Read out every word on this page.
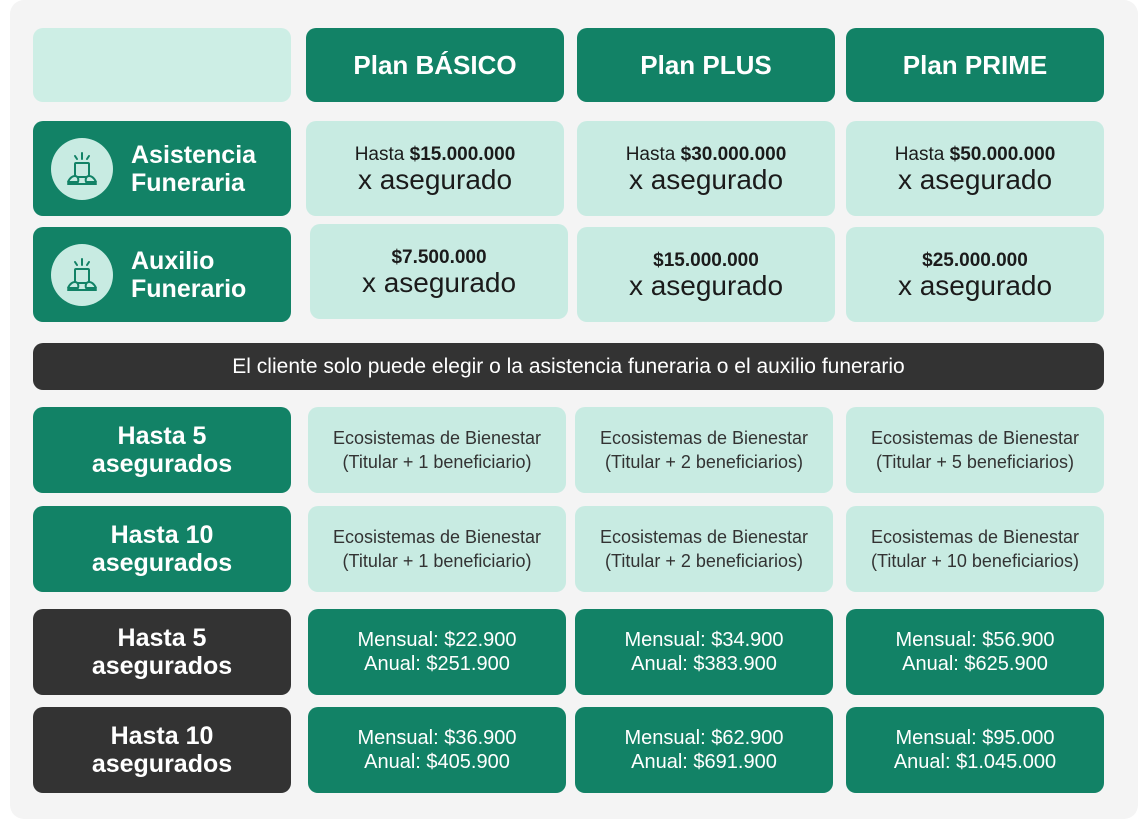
Plan BÁSICO	Plan PLUS	Plan PRIME
Asistencia
Funeraria
Hasta $15.000.000
x asegurado
Hasta $30.000.000
x asegurado
Hasta $50.000.000
x asegurado
Auxilio
Funerario
$7.500.000
x asegurado
$15.000.000
x asegurado
$25.000.000
x asegurado
El cliente solo puede elegir o la asistencia funeraria o el auxilio funerario
Hasta 5
asegurados
Ecosistemas de Bienestar
(Titular + 1 beneficiario)
Ecosistemas de Bienestar
(Titular + 2 beneficiarios)
Ecosistemas de Bienestar
(Titular + 5 beneficiarios)
Hasta 10
asegurados
Ecosistemas de Bienestar
(Titular + 1 beneficiario)
Ecosistemas de Bienestar
(Titular + 2 beneficiarios)
Ecosistemas de Bienestar
(Titular + 10 beneficiarios)
Hasta 5
asegurados
Mensual: $22.900
Anual: $251.900
Mensual: $34.900
Anual: $383.900
Mensual: $56.900
Anual: $625.900
Hasta 10
asegurados
Mensual: $36.900
Anual: $405.900
Mensual: $62.900
Anual: $691.900
Mensual: $95.000
Anual: $1.045.000
